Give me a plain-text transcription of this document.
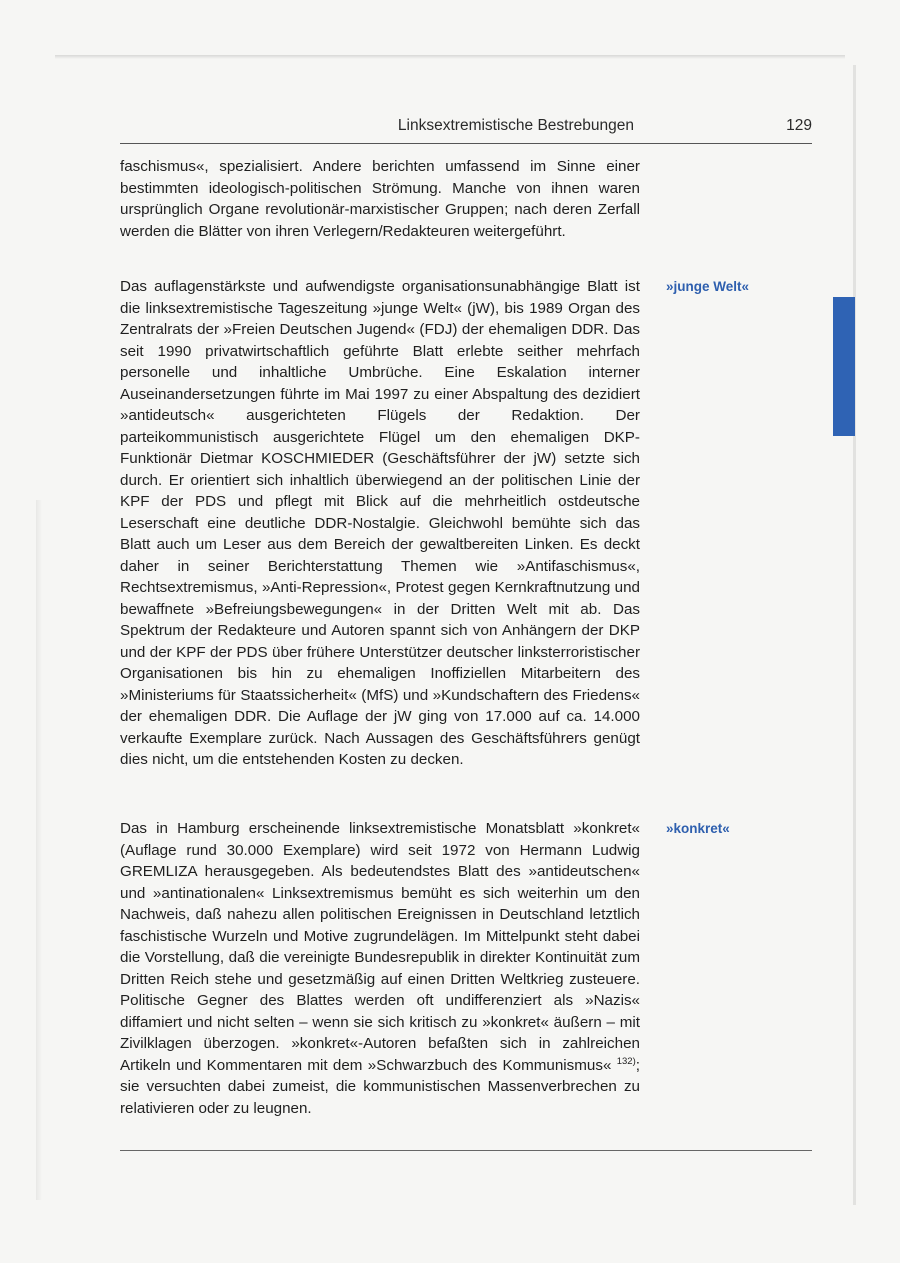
Linksextremistische Bestrebungen	129

faschismus«, spezialisiert. Andere berichten umfassend im Sinne einer bestimmten ideologisch-politischen Strömung. Manche von ihnen waren ursprünglich Organe revolutionär-marxistischer Gruppen; nach deren Zerfall werden die Blätter von ihren Verlegern/Redakteuren weitergeführt.

Das auflagenstärkste und aufwendigste organisationsunabhängige Blatt ist die linksextremistische Tageszeitung »junge Welt« (jW), bis 1989 Organ des Zentralrats der »Freien Deutschen Jugend« (FDJ) der ehemaligen DDR. Das seit 1990 privatwirtschaftlich geführte Blatt erlebte seither mehrfach personelle und inhaltliche Umbrüche. Eine Eskalation interner Auseinandersetzungen führte im Mai 1997 zu einer Abspaltung des dezidiert »antideutsch« ausgerichteten Flügels der Redaktion. Der parteikommunistisch ausgerichtete Flügel um den ehemaligen DKP-Funktionär Dietmar KOSCHMIEDER (Geschäftsführer der jW) setzte sich durch. Er orientiert sich inhaltlich überwiegend an der politischen Linie der KPF der PDS und pflegt mit Blick auf die mehrheitlich ostdeutsche Leserschaft eine deutliche DDR-Nostalgie. Gleichwohl bemühte sich das Blatt auch um Leser aus dem Bereich der gewaltbereiten Linken. Es deckt daher in seiner Berichterstattung Themen wie »Antifaschismus«, Rechtsextremismus, »Anti-Repression«, Protest gegen Kernkraftnutzung und bewaffnete »Befreiungsbewegungen« in der Dritten Welt mit ab. Das Spektrum der Redakteure und Autoren spannt sich von Anhängern der DKP und der KPF der PDS über frühere Unterstützer deutscher linksterroristischer Organisationen bis hin zu ehemaligen Inoffiziellen Mitarbeitern des »Ministeriums für Staatssicherheit« (MfS) und »Kundschaftern des Friedens« der ehemaligen DDR. Die Auflage der jW ging von 17.000 auf ca. 14.000 verkaufte Exemplare zurück. Nach Aussagen des Geschäftsführers genügt dies nicht, um die entstehenden Kosten zu decken.

Das in Hamburg erscheinende linksextremistische Monatsblatt »konkret« (Auflage rund 30.000 Exemplare) wird seit 1972 von Hermann Ludwig GREMLIZA herausgegeben. Als bedeutendstes Blatt des »antideutschen« und »antinationalen« Linksextremismus bemüht es sich weiterhin um den Nachweis, daß nahezu allen politischen Ereignissen in Deutschland letztlich faschistische Wurzeln und Motive zugrundelägen. Im Mittelpunkt steht dabei die Vorstellung, daß die vereinigte Bundesrepublik in direkter Kontinuität zum Dritten Reich stehe und gesetzmäßig auf einen Dritten Weltkrieg zusteuere. Politische Gegner des Blattes werden oft undifferenziert als »Nazis« diffamiert und nicht selten – wenn sie sich kritisch zu »konkret« äußern – mit Zivilklagen überzogen. »konkret«-Autoren befaßten sich in zahlreichen Artikeln und Kommentaren mit dem »Schwarzbuch des Kommunismus« $^{132)}$; sie versuchten dabei zumeist, die kommunistischen Massenverbrechen zu relativieren oder zu leugnen.

»junge Welt«
»konkret«
